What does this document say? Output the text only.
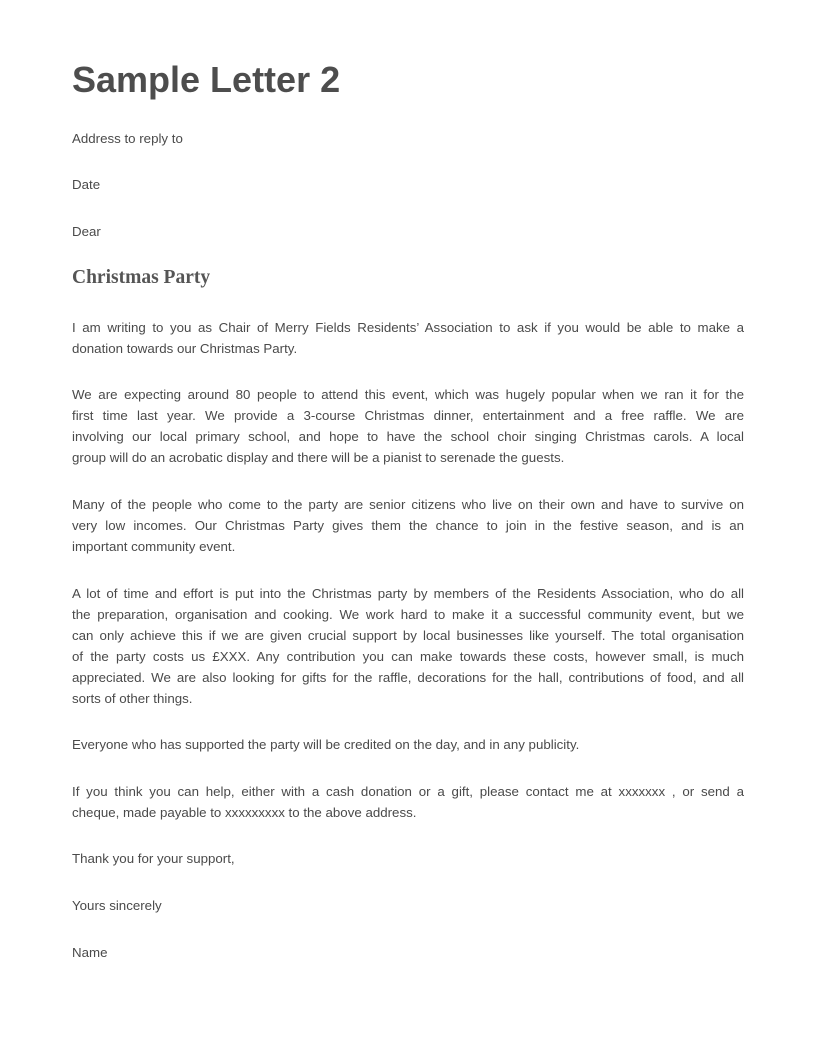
Sample Letter 2

Address to reply to

Date

Dear

Christmas Party
I am writing to you as Chair of Merry Fields Residents’ Association to ask if you would be able to make a
donation towards our Christmas Party.
We are expecting around 80 people to attend this event, which was hugely popular when we ran it for the
first time last year. We provide a 3-course Christmas dinner, entertainment and a free raffle. We are
involving our local primary school, and hope to have the school choir singing Christmas carols. A local
group will do an acrobatic display and there will be a pianist to serenade the guests.
Many of the people who come to the party are senior citizens who live on their own and have to survive on
very low incomes. Our Christmas Party gives them the chance to join in the festive season, and is an
important community event.
A lot of time and effort is put into the Christmas party by members of the Residents Association, who do all
the preparation, organisation and cooking. We work hard to make it a successful community event, but we
can only achieve this if we are given crucial support by local businesses like yourself. The total organisation
of the party costs us £XXX. Any contribution you can make towards these costs, however small, is much
appreciated. We are also looking for gifts for the raffle, decorations for the hall, contributions of food, and all
sorts of other things.
Everyone who has supported the party will be credited on the day, and in any publicity.
If you think you can help, either with a cash donation or a gift, please contact me at xxxxxxx , or send a
cheque, made payable to xxxxxxxxx to the above address.

Thank you for your support,

Yours sincerely

Name
